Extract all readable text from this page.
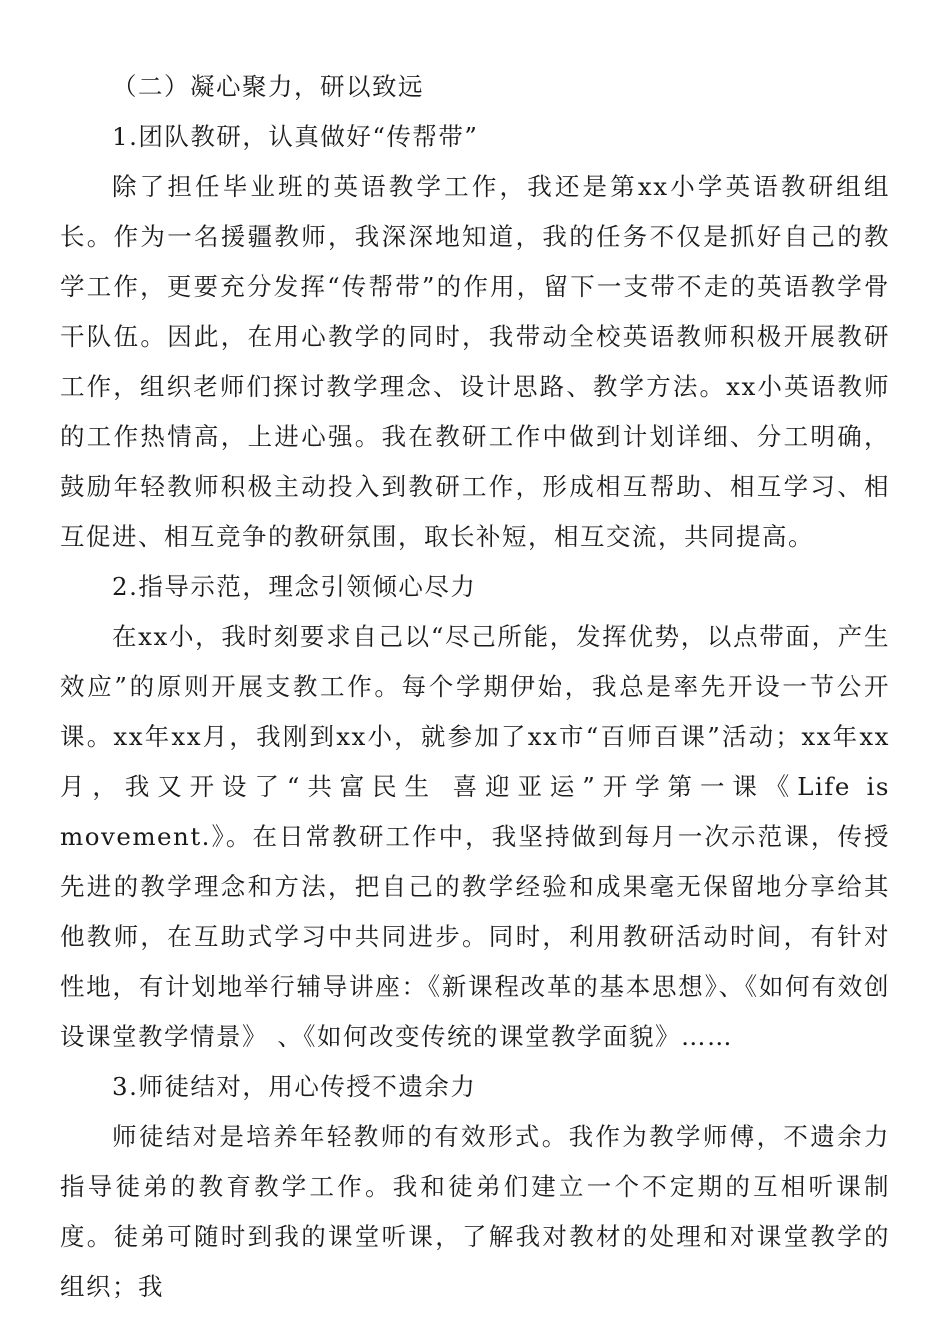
（二）凝心聚力，研以致远

1.团队教研，认真做好“传帮带”

除了担任毕业班的英语教学工作，我还是第xx小学英语教研组组长。作为一名援疆教师，我深深地知道，我的任务不仅是抓好自己的教学工作，更要充分发挥“传帮带”的作用，留下一支带不走的英语教学骨干队伍。因此，在用心教学的同时，我带动全校英语教师积极开展教研工作，组织老师们探讨教学理念、设计思路、教学方法。xx小英语教师的工作热情高，上进心强。我在教研工作中做到计划详细、分工明确，鼓励年轻教师积极主动投入到教研工作，形成相互帮助、相互学习、相互促进、相互竞争的教研氛围，取长补短，相互交流，共同提高。

2.指导示范，理念引领倾心尽力

在xx小，我时刻要求自己以“尽己所能，发挥优势，以点带面，产生效应”的原则开展支教工作。每个学期伊始，我总是率先开设一节公开课。xx年xx月，我刚到xx小，就参加了xx市“百师百课”活动；xx年xx月，我又开设了“共富民生 喜迎亚运”开学第一课《Life is movement.》。在日常教研工作中，我坚持做到每月一次示范课，传授先进的教学理念和方法，把自己的教学经验和成果毫无保留地分享给其他教师，在互助式学习中共同进步。同时，利用教研活动时间，有针对性地，有计划地举行辅导讲座：《新课程改革的基本思想》、《如何有效创设课堂教学情景》 、《如何改变传统的课堂教学面貌》……

3.师徒结对，用心传授不遗余力

师徒结对是培养年轻教师的有效形式。我作为教学师傅，不遗余力指导徒弟的教育教学工作。我和徒弟们建立一个不定期的互相听课制度。徒弟可随时到我的课堂听课，了解我对教材的处理和对课堂教学的组织；我
